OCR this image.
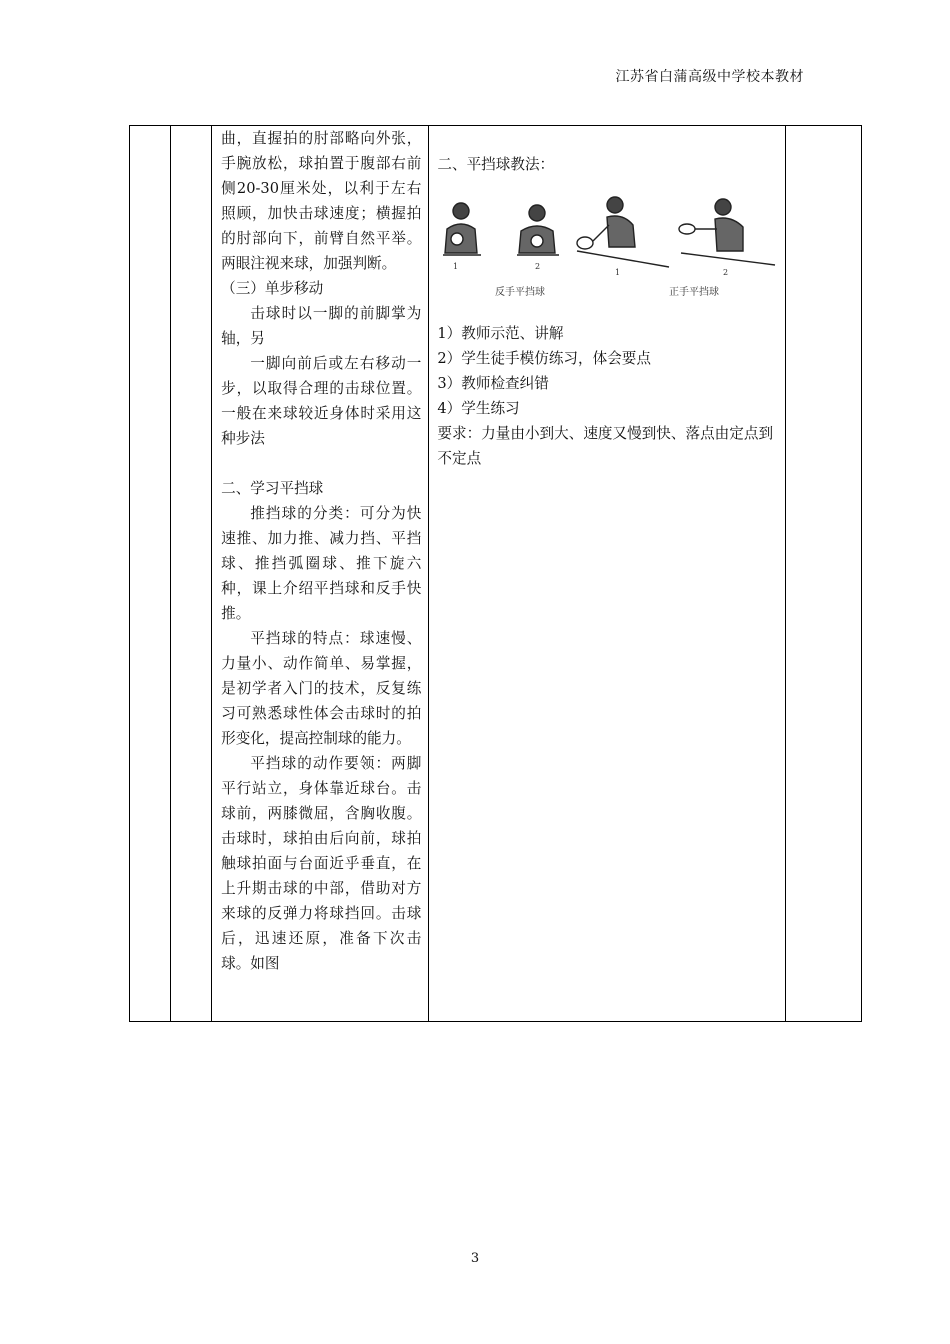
江苏省白蒲高级中学校本教材

曲，直握拍的肘部略向外张，手腕放松，球拍置于腹部右前侧20-30厘米处，以利于左右照顾，加快击球速度；横握拍的肘部向下，前臂自然平举。两眼注视来球，加强判断。

（三）单步移动

击球时以一脚的前脚掌为轴，另

一脚向前后或左右移动一步，以取得合理的击球位置。一般在来球较近身体时采用这种步法

二、学习平挡球

推挡球的分类：可分为快速推、加力推、减力挡、平挡球、推挡弧圈球、推下旋六种，课上介绍平挡球和反手快推。

平挡球的特点：球速慢、力量小、动作简单、易掌握，是初学者入门的技术，反复练习可熟悉球性体会击球时的拍形变化，提高控制球的能力。

平挡球的动作要领：两脚平行站立，身体靠近球台。击球前，两膝微屈，含胸收腹。击球时，球拍由后向前，球拍触球拍面与台面近乎垂直，在上升期击球的中部，借助对方来球的反弹力将球挡回。击球后，迅速还原，准备下次击球。如图

二、平挡球教法：

1	2
1	2
反手平挡球	正手平挡球

1）教师示范、讲解

2）学生徒手模仿练习，体会要点

3）教师检查纠错

4）学生练习

要求：力量由小到大、速度又慢到快、落点由定点到不定点

3
